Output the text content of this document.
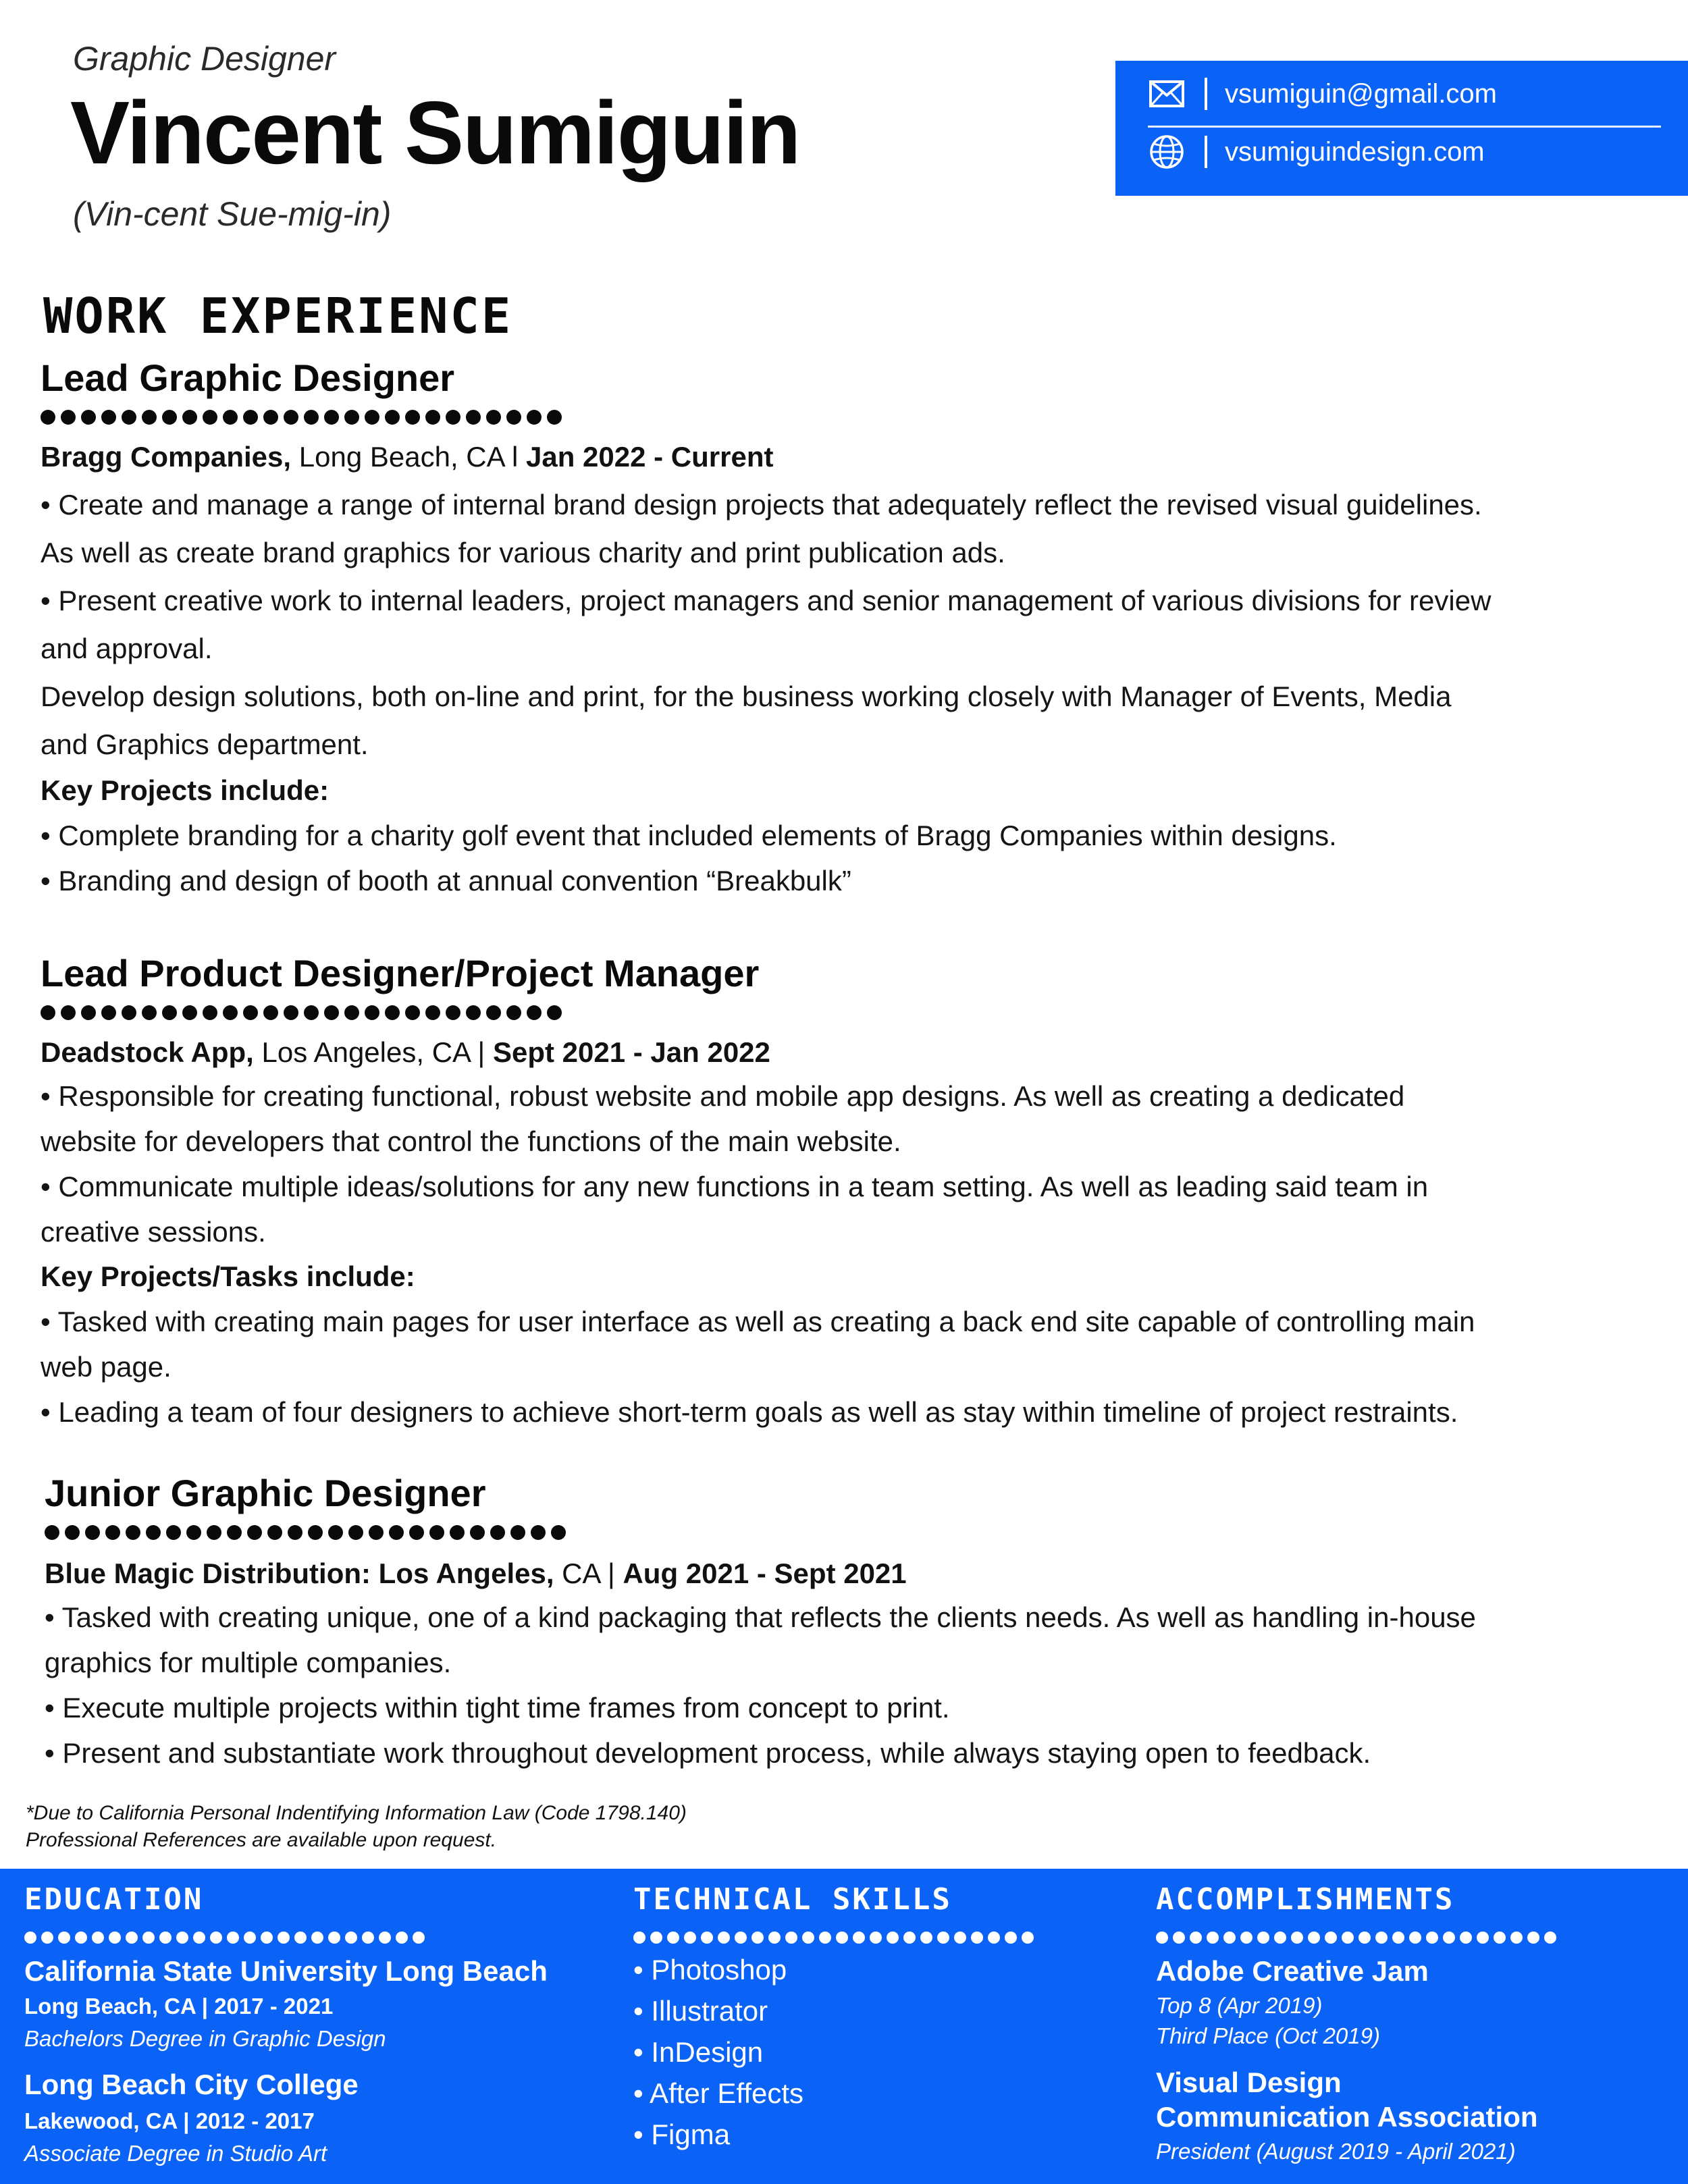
Graphic Designer
Vincent Sumiguin
(Vin-cent Sue-mig-in)
vsumiguin@gmail.com
vsumiguindesign.com
WORK EXPERIENCE
Lead Graphic Designer
Bragg Companies, Long Beach, CA l Jan 2022 - Current
• Create and manage a range of internal brand design projects that adequately reflect the revised visual guidelines.
As well as create brand graphics for various charity and print publication ads.
• Present creative work to internal leaders, project managers and senior management of various divisions for review
and approval.
Develop design solutions, both on-line and print, for the business working closely with Manager of Events, Media
and Graphics department.
Key Projects include:
• Complete branding for a charity golf event that included elements of Bragg Companies within designs.
• Branding and design of booth at annual convention “Breakbulk”
Lead Product Designer/Project Manager
Deadstock App, Los Angeles, CA | Sept 2021 - Jan 2022
• Responsible for creating functional, robust website and mobile app designs. As well as creating a dedicated
website for developers that control the functions of the main website.
• Communicate multiple ideas/solutions for any new functions in a team setting. As well as leading said team in
creative sessions.
Key Projects/Tasks include:
• Tasked with creating main pages for user interface as well as creating a back end site capable of controlling main
web page.
• Leading a team of four designers to achieve short-term goals as well as stay within timeline of project restraints.
Junior Graphic Designer
Blue Magic Distribution: Los Angeles, CA | Aug 2021 - Sept 2021
• Tasked with creating unique, one of a kind packaging that reflects the clients needs. As well as handling in-house
graphics for multiple companies.
• Execute multiple projects within tight time frames from concept to print.
• Present and substantiate work throughout development process, while always staying open to feedback.
*Due to California Personal Indentifying Information Law (Code 1798.140)
Professional References are available upon request.
EDUCATION
California State University Long Beach
Long Beach, CA | 2017 - 2021
Bachelors Degree in Graphic Design
Long Beach City College
Lakewood, CA | 2012 - 2017
Associate Degree in Studio Art
TECHNICAL SKILLS
• Photoshop
• Illustrator
• InDesign
• After Effects
• Figma
ACCOMPLISHMENTS
Adobe Creative Jam
Top 8 (Apr 2019)
Third Place (Oct 2019)
Visual Design
Communication Association
President (August 2019 - April 2021)
